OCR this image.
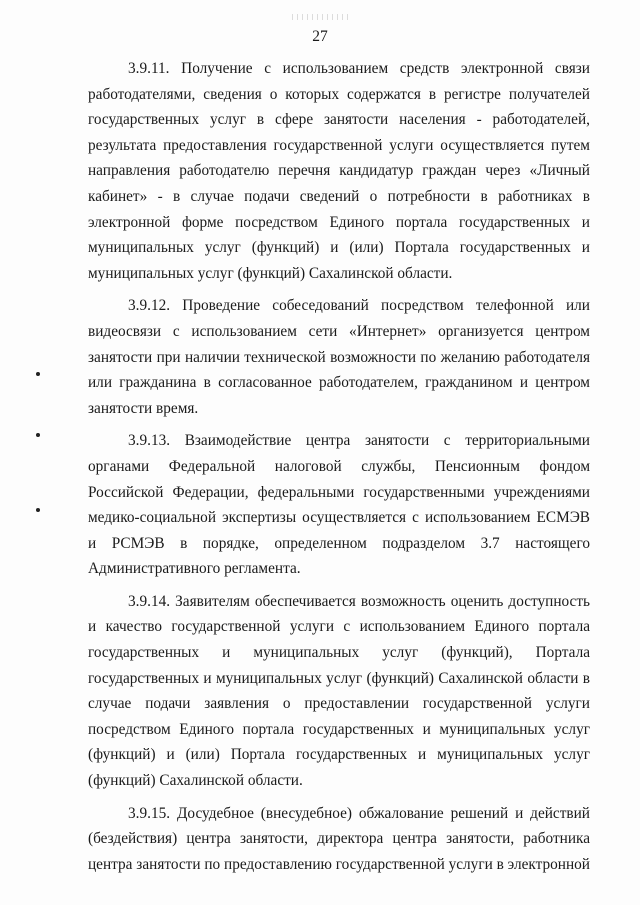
27

3.9.11. Получение с использованием средств электронной связи работодателями, сведения о которых содержатся в регистре получателей государственных услуг в сфере занятости населения - работодателей, результата предоставления государственной услуги осуществляется путем направления работодателю перечня кандидатур граждан через «Личный кабинет» - в случае подачи сведений о потребности в работниках в электронной форме посредством Единого портала государственных и муниципальных услуг (функций) и (или) Портала государственных и муниципальных услуг (функций) Сахалинской области.

3.9.12. Проведение собеседований посредством телефонной или видеосвязи с использованием сети «Интернет» организуется центром занятости при наличии технической возможности по желанию работодателя или гражданина в согласованное работодателем, гражданином и центром занятости время.

3.9.13. Взаимодействие центра занятости с территориальными органами Федеральной налоговой службы, Пенсионным фондом Российской Федерации, федеральными государственными учреждениями медико-социальной экспертизы осуществляется с использованием ЕСМЭВ и РСМЭВ в порядке, определенном подразделом 3.7 настоящего Административного регламента.

3.9.14. Заявителям обеспечивается возможность оценить доступность и качество государственной услуги с использованием Единого портала государственных и муниципальных услуг (функций), Портала государственных и муниципальных услуг (функций) Сахалинской области в случае подачи заявления о предоставлении государственной услуги посредством Единого портала государственных и муниципальных услуг (функций) и (или) Портала государственных и муниципальных услуг (функций) Сахалинской области.

3.9.15. Досудебное (внесудебное) обжалование решений и действий (бездействия) центра занятости, директора центра занятости, работника центра занятости по предоставлению государственной услуги в электронной
